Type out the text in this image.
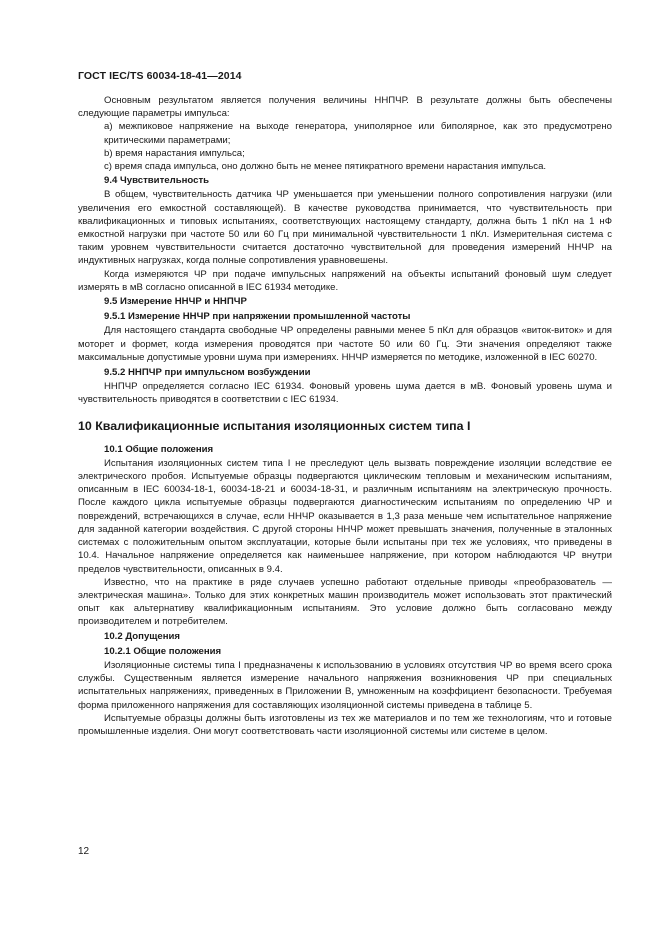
ГОСТ IEC/TS 60034-18-41—2014

Основным результатом является получения величины ННПЧР. В результате должны быть обеспечены следующие параметры импульса:

a) межпиковое напряжение на выходе генератора, униполярное или биполярное, как это предусмотрено критическими параметрами;

b) время нарастания импульса;

c) время спада импульса, оно должно быть не менее пятикратного времени нарастания импульса.

9.4 Чувствительность

В общем, чувствительность датчика ЧР уменьшается при уменьшении полного сопротивления нагрузки (или увеличения его емкостной составляющей). В качестве руководства принимается, что чувствительность при квалификационных и типовых испытаниях, соответствующих настоящему стандарту, должна быть 1 пКл на 1 нФ емкостной нагрузки при частоте 50 или 60 Гц при минимальной чувствительности 1 пКл. Измерительная система с таким уровнем чувствительности считается достаточно чувствительной для проведения измерений ННЧР на индуктивных нагрузках, когда полные сопротивления уравновешены.

Когда измеряются ЧР при подаче импульсных напряжений на объекты испытаний фоновый шум следует измерять в мВ согласно описанной в IEC 61934 методике.

9.5 Измерение ННЧР и ННПЧР
9.5.1 Измерение ННЧР при напряжении промышленной частоты

Для настоящего стандарта свободные ЧР определены равными менее 5 пКл для образцов «виток-виток» и для моторет и формет, когда измерения проводятся при частоте 50 или 60 Гц. Эти значения определяют также максимальные допустимые уровни шума при измерениях. ННЧР измеряется по методике, изложенной в IEC 60270.

9.5.2 ННПЧР при импульсном возбуждении

ННПЧР определяется согласно IEC 61934. Фоновый уровень шума дается в мВ. Фоновый уровень шума и чувствительность приводятся в соответствии с IEC 61934.

10 Квалификационные испытания изоляционных систем типа I
10.1 Общие положения

Испытания изоляционных систем типа I не преследуют цель вызвать повреждение изоляции вследствие ее электрического пробоя. Испытуемые образцы подвергаются циклическим тепловым и механическим испытаниям, описанным в IEC 60034-18-1, 60034-18-21 и 60034-18-31, и различным испытаниям на электрическую прочность. После каждого цикла испытуемые образцы подвергаются диагностическим испытаниям по определению ЧР и повреждений, встречающихся в случае, если ННЧР оказывается в 1,3 раза меньше чем испытательное напряжение для заданной категории воздействия. С другой стороны ННЧР может превышать значения, полученные в эталонных системах с положительным опытом эксплуатации, которые были испытаны при тех же условиях, что приведены в 10.4. Начальное напряжение определяется как наименьшее напряжение, при котором наблюдаются ЧР внутри пределов чувствительности, описанных в 9.4.

Известно, что на практике в ряде случаев успешно работают отдельные приводы «преобразователь — электрическая машина». Только для этих конкретных машин производитель может использовать этот практический опыт как альтернативу квалификационным испытаниям. Это условие должно быть согласовано между производителем и потребителем.

10.2 Допущения
10.2.1 Общие положения

Изоляционные системы типа I предназначены к использованию в условиях отсутствия ЧР во время всего срока службы. Существенным является измерение начального напряжения возникновения ЧР при специальных испытательных напряжениях, приведенных в Приложении В, умноженным на коэффициент безопасности. Требуемая форма приложенного напряжения для составляющих изоляционной системы приведена в таблице 5.

Испытуемые образцы должны быть изготовлены из тех же материалов и по тем же технологиям, что и готовые промышленные изделия. Они могут соответствовать части изоляционной системы или системе в целом.

12
